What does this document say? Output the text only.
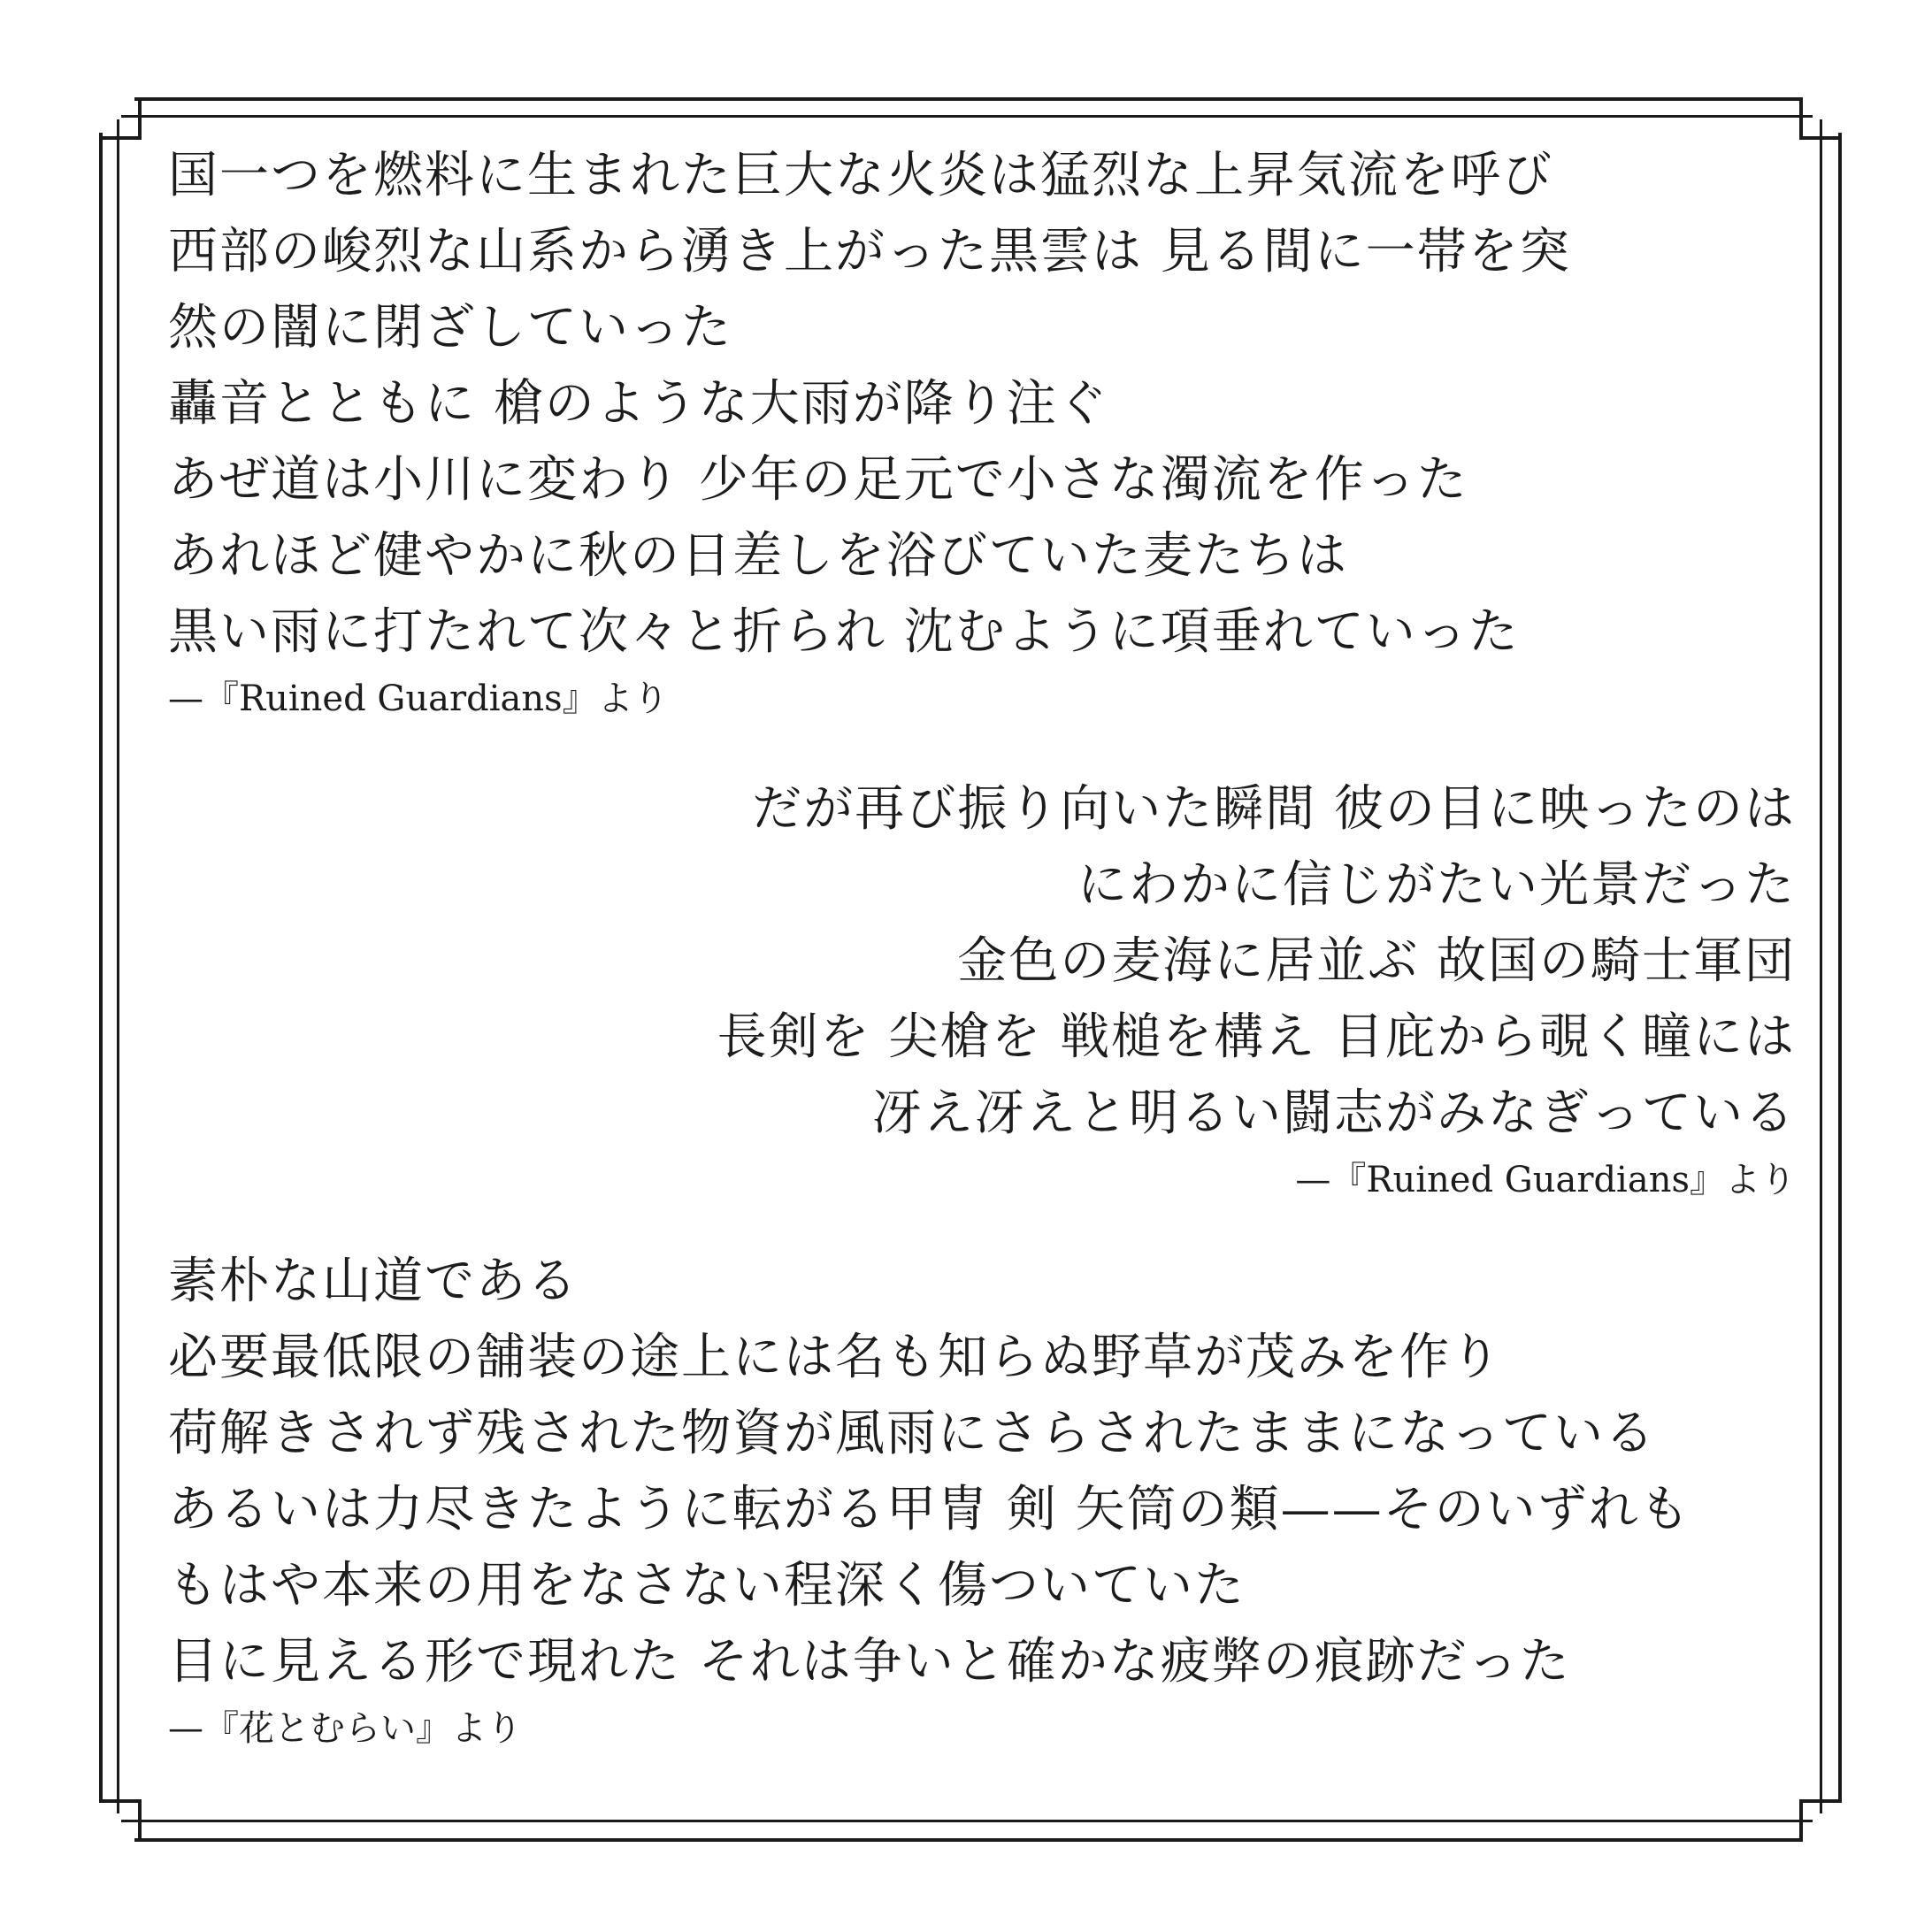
国一つを燃料に生まれた巨大な火炎は猛烈な上昇気流を呼び
西部の峻烈な山系から湧き上がった黒雲は 見る間に一帯を突
然の闇に閉ざしていった
轟音とともに 槍のような大雨が降り注ぐ
あぜ道は小川に変わり 少年の足元で小さな濁流を作った
あれほど健やかに秋の日差しを浴びていた麦たちは
黒い雨に打たれて次々と折られ 沈むように項垂れていった
—『Ruined Guardians』より
だが再び振り向いた瞬間 彼の目に映ったのは
にわかに信じがたい光景だった
金色の麦海に居並ぶ 故国の騎士軍団
長剣を 尖槍を 戦槌を構え 目庇から覗く瞳には
冴え冴えと明るい闘志がみなぎっている
—『Ruined Guardians』より
素朴な山道である
必要最低限の舗装の途上には名も知らぬ野草が茂みを作り
荷解きされず残された物資が風雨にさらされたままになっている
あるいは力尽きたように転がる甲冑 剣 矢筒の類——そのいずれも
もはや本来の用をなさない程深く傷ついていた
目に見える形で現れた それは争いと確かな疲弊の痕跡だった
—『花とむらい』より
